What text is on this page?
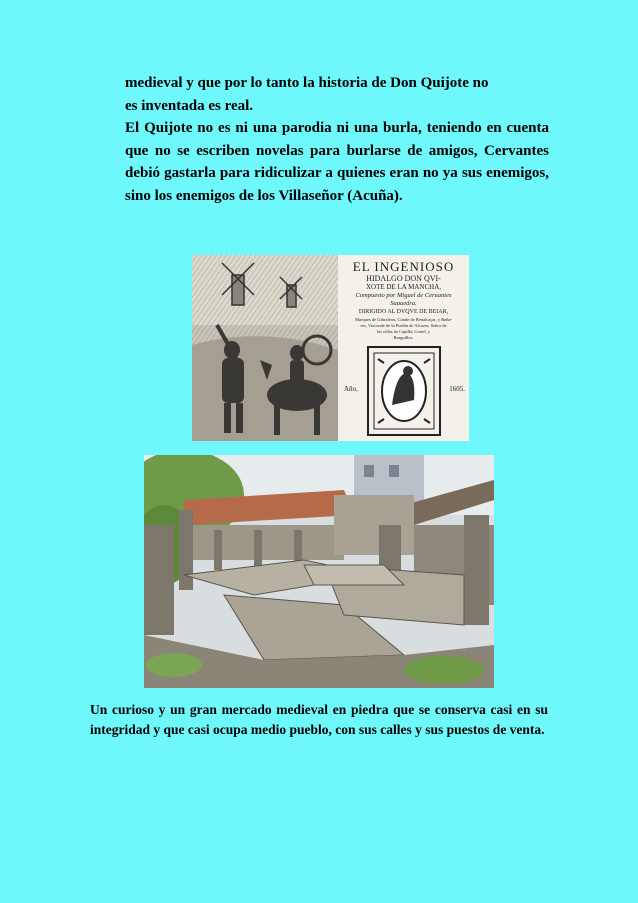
medieval y que por lo tanto la historia de Don Quijote no

es inventada es real.

El Quijote no es ni una parodia ni una burla, teniendo en cuenta que no se escriben novelas para burlarse de amigos, Cervantes debió gastarla para ridiculizar a quienes eran no ya sus enemigos, sino los enemigos de los Villaseñor (Acuña).

EL INGENIOSO
HIDALGO DON QVI-
XOTE DE LA MANCHA,
Compuesto por Miguel de Ceruantes
Saauedra.
DIRIGIDO AL DVQVE DE BEIAR,
Marques de Gibraleon, Conde de Benalcaçar, y Baña-
res, Vizconde de la Puebla de Alcozer, Señor de
las villas de Capilla, Curiel, y
Burguillos.
Año,	1605.
Un curioso y un gran mercado medieval en piedra que se conserva casi en su integridad y que casi ocupa medio pueblo, con sus calles y sus puestos de venta.
